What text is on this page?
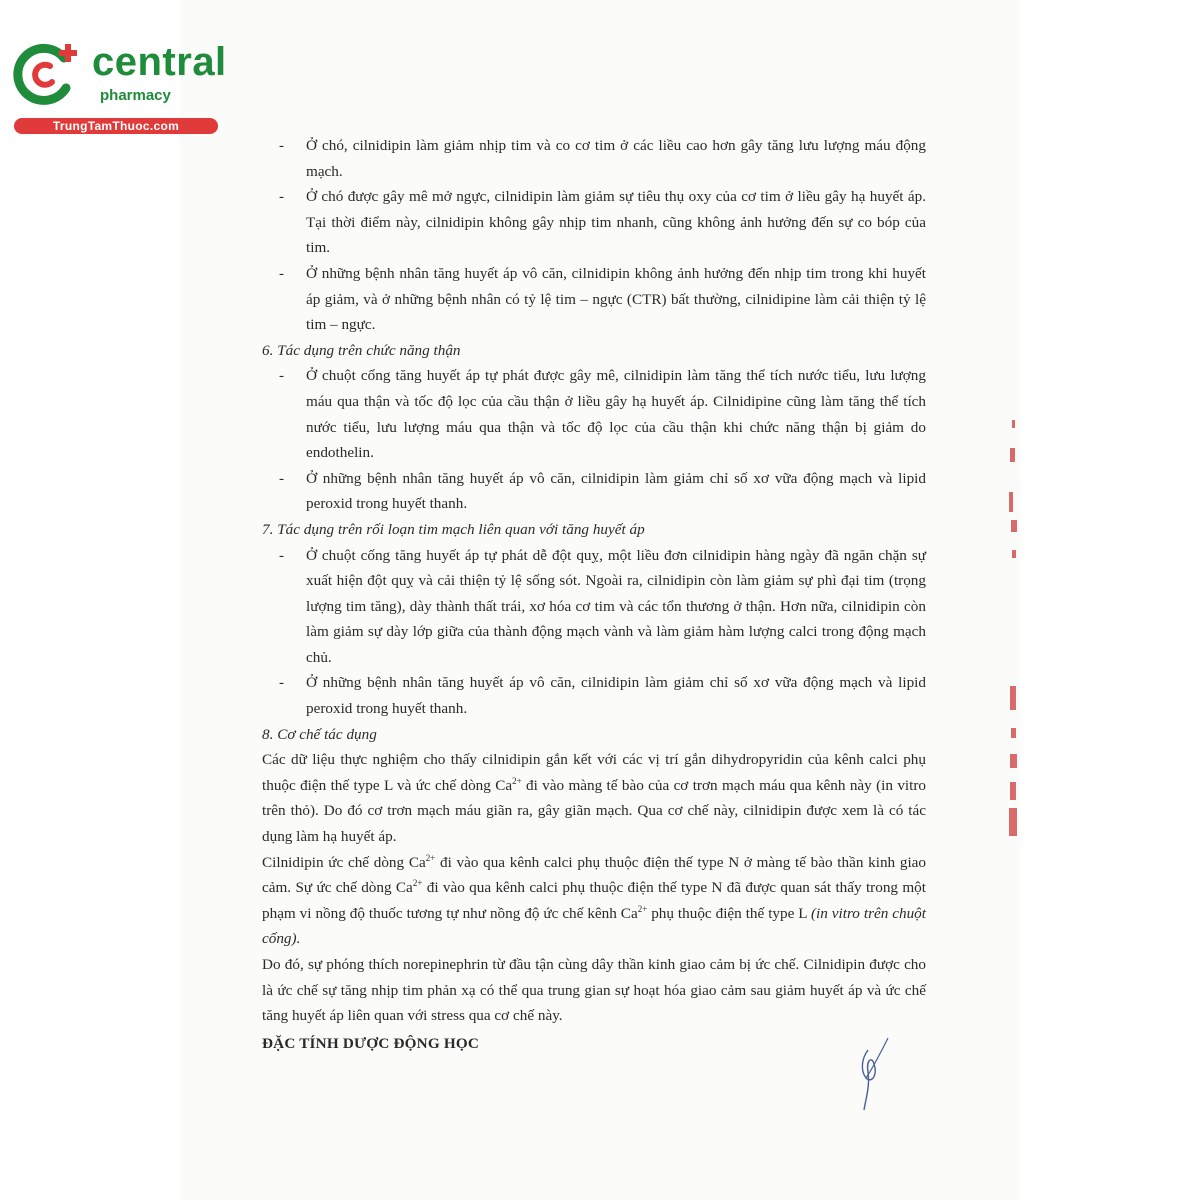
central
pharmacy
TrungTamThuoc.com
- Ở chó, cilnidipin làm giảm nhịp tim và co cơ tim ở các liều cao hơn gây tăng lưu lượng máu động mạch.
- Ở chó được gây mê mở ngực, cilnidipin làm giảm sự tiêu thụ oxy của cơ tim ở liều gây hạ huyết áp. Tại thời điểm này, cilnidipin không gây nhịp tim nhanh, cũng không ảnh hưởng đến sự co bóp của tim.
- Ở những bệnh nhân tăng huyết áp vô căn, cilnidipin không ảnh hưởng đến nhịp tim trong khi huyết áp giảm, và ở những bệnh nhân có tỷ lệ tim – ngực (CTR) bất thường, cilnidipine làm cải thiện tỷ lệ tim – ngực.
6. Tác dụng trên chức năng thận
- Ở chuột cống tăng huyết áp tự phát được gây mê, cilnidipin làm tăng thể tích nước tiểu, lưu lượng máu qua thận và tốc độ lọc của cầu thận ở liều gây hạ huyết áp. Cilnidipine cũng làm tăng thể tích nước tiểu, lưu lượng máu qua thận và tốc độ lọc của cầu thận khi chức năng thận bị giảm do endothelin.
- Ở những bệnh nhân tăng huyết áp vô căn, cilnidipin làm giảm chỉ số xơ vữa động mạch và lipid peroxid trong huyết thanh.
7. Tác dụng trên rối loạn tim mạch liên quan với tăng huyết áp
- Ở chuột cống tăng huyết áp tự phát dễ đột quỵ, một liều đơn cilnidipin hàng ngày đã ngăn chặn sự xuất hiện đột quỵ và cải thiện tỷ lệ sống sót. Ngoài ra, cilnidipin còn làm giảm sự phì đại tim (trọng lượng tim tăng), dày thành thất trái, xơ hóa cơ tim và các tổn thương ở thận. Hơn nữa, cilnidipin còn làm giảm sự dày lớp giữa của thành động mạch vành và làm giảm hàm lượng calci trong động mạch chủ.
- Ở những bệnh nhân tăng huyết áp vô căn, cilnidipin làm giảm chỉ số xơ vữa động mạch và lipid peroxid trong huyết thanh.
8. Cơ chế tác dụng
Các dữ liệu thực nghiệm cho thấy cilnidipin gắn kết với các vị trí gắn dihydropyridin của kênh calci phụ thuộc điện thế type L và ức chế dòng $Ca^{2+}$ đi vào màng tế bào của cơ trơn mạch máu qua kênh này (in vitro trên thỏ). Do đó cơ trơn mạch máu giãn ra, gây giãn mạch. Qua cơ chế này, cilnidipin được xem là có tác dụng làm hạ huyết áp.
Cilnidipin ức chế dòng $Ca^{2+}$ đi vào qua kênh calci phụ thuộc điện thế type N ở màng tế bào thần kinh giao cảm. Sự ức chế dòng $Ca^{2+}$ đi vào qua kênh calci phụ thuộc điện thế type N đã được quan sát thấy trong một phạm vi nồng độ thuốc tương tự như nồng độ ức chế kênh $Ca^{2+}$ phụ thuộc điện thế type L (in vitro trên chuột cống).
Do đó, sự phóng thích norepinephrin từ đầu tận cùng dây thần kinh giao cảm bị ức chế. Cilnidipin được cho là ức chế sự tăng nhịp tim phản xạ có thể qua trung gian sự hoạt hóa giao cảm sau giảm huyết áp và ức chế tăng huyết áp liên quan với stress qua cơ chế này.
ĐẶC TÍNH DƯỢC ĐỘNG HỌC
